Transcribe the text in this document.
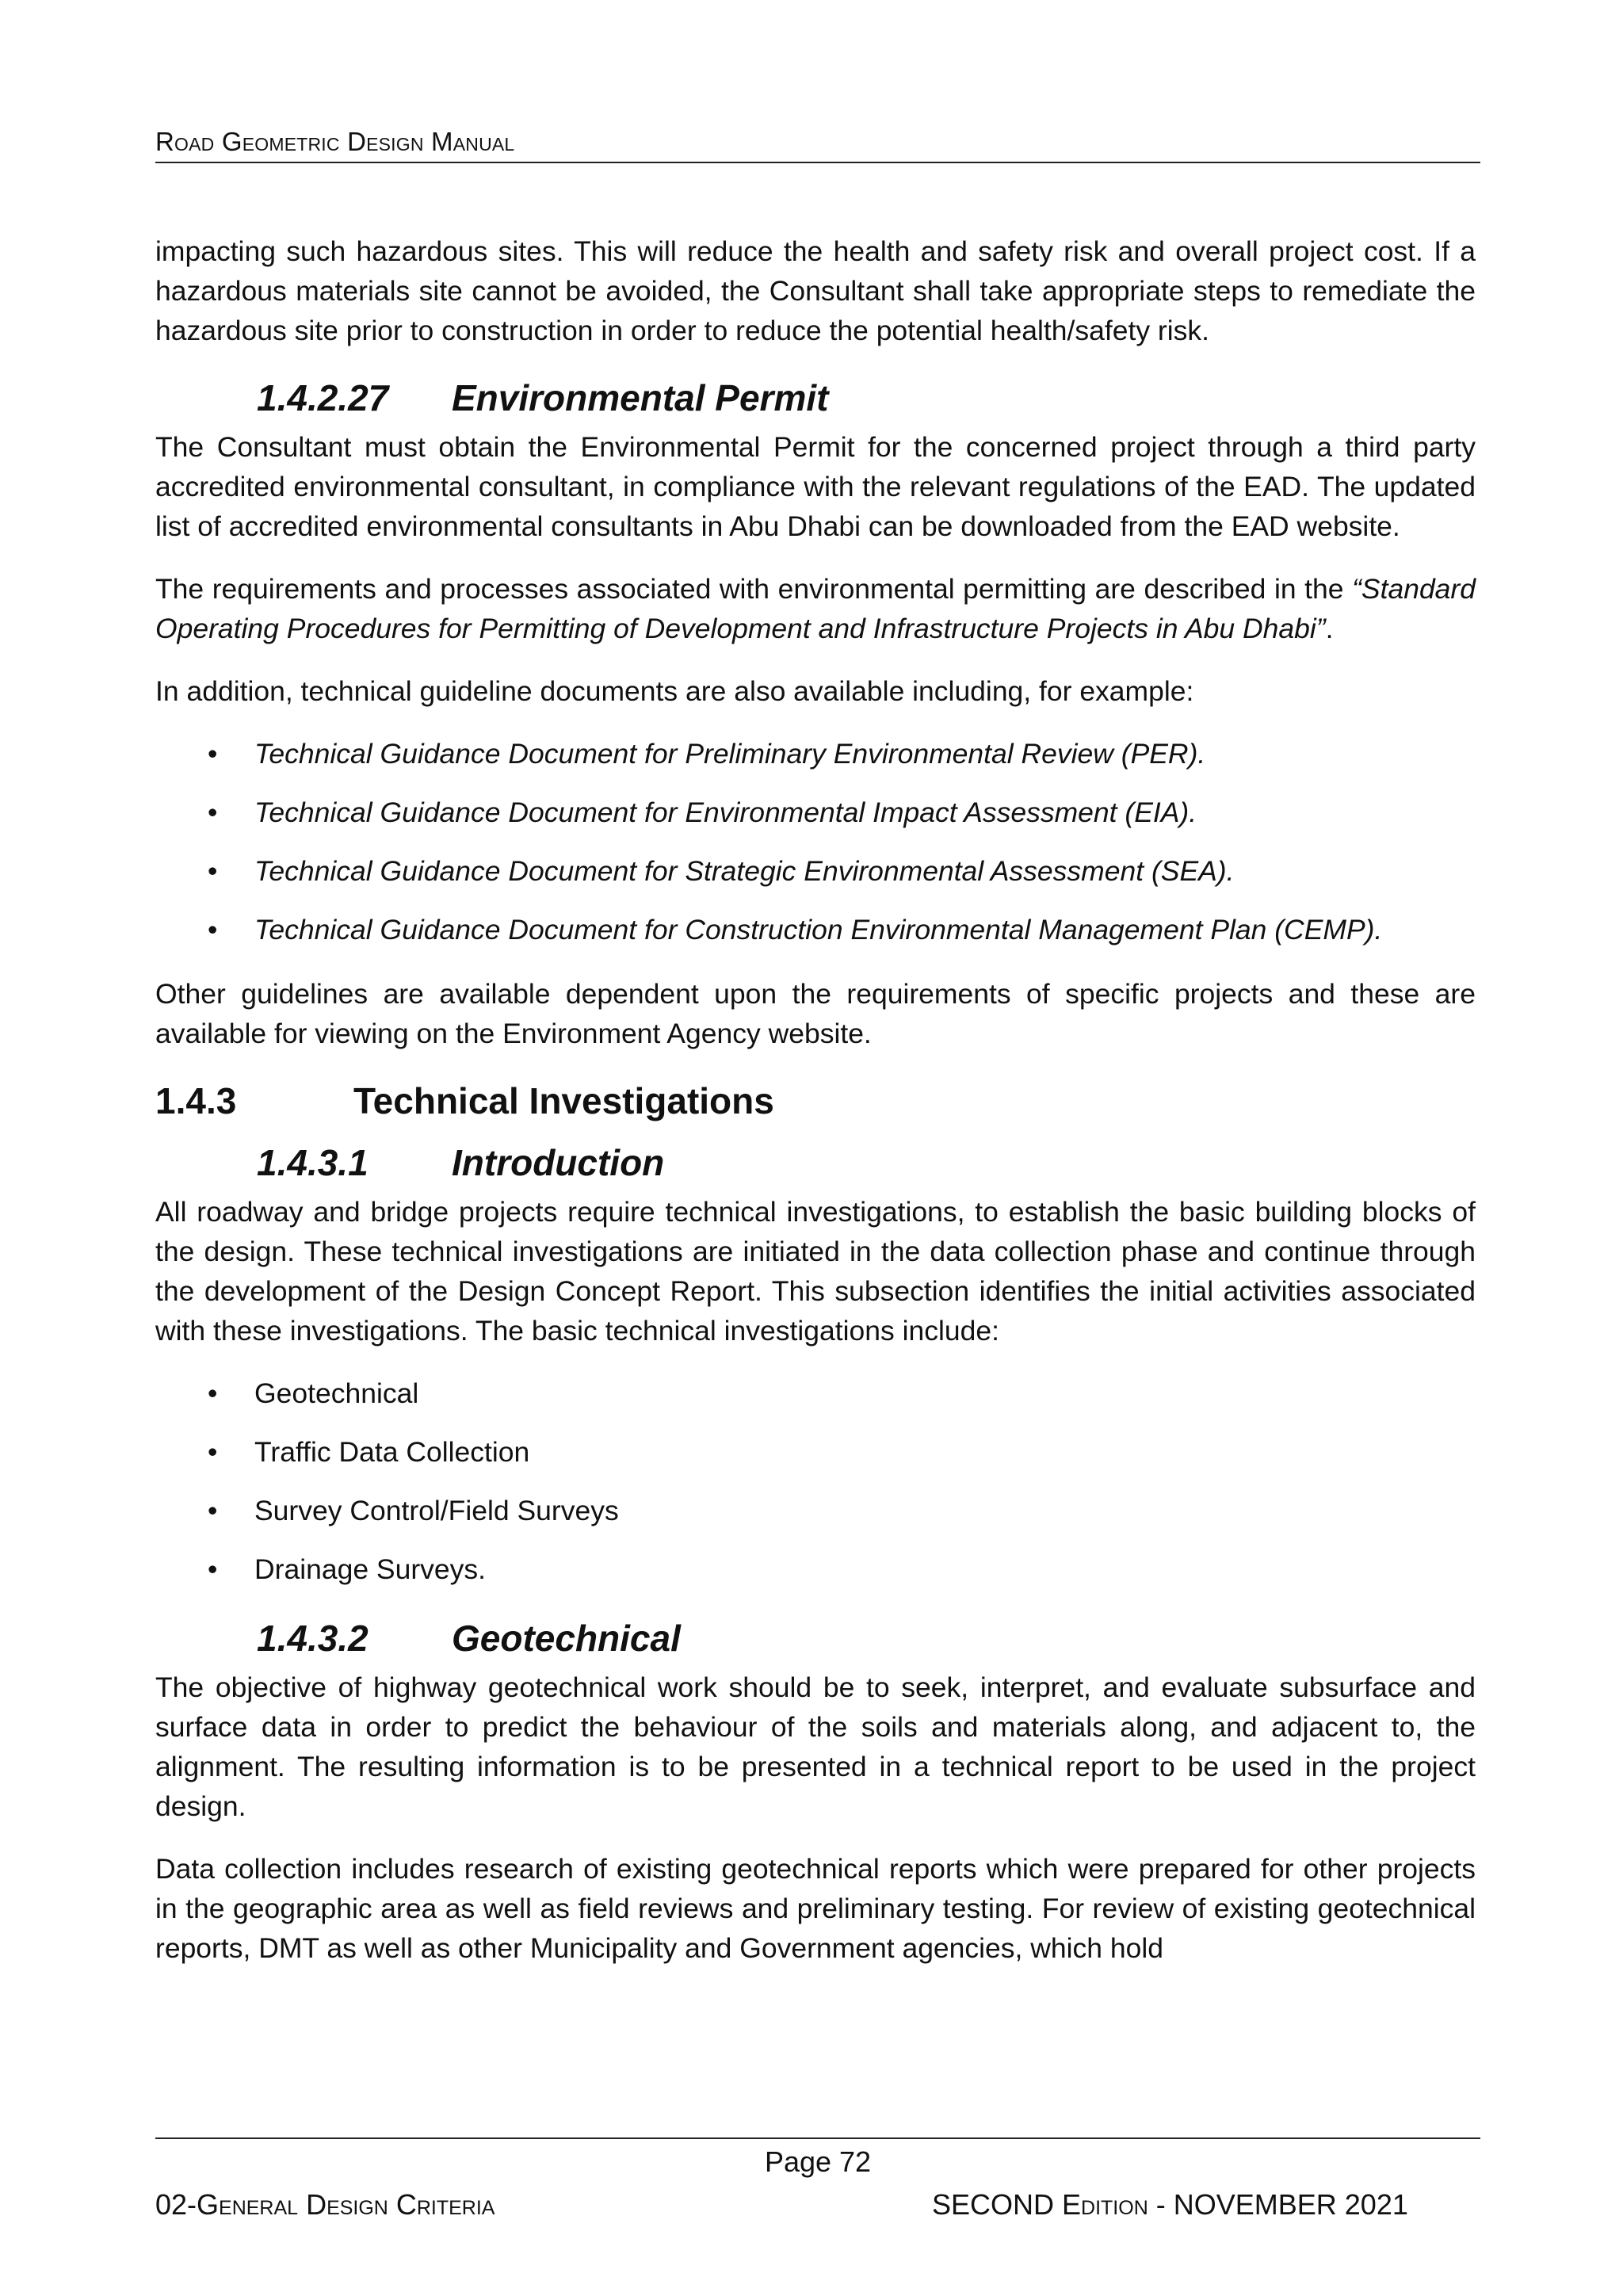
Road Geometric Design Manual

impacting such hazardous sites. This will reduce the health and safety risk and overall project cost. If a hazardous materials site cannot be avoided, the Consultant shall take appropriate steps to remediate the hazardous site prior to construction in order to reduce the potential health/safety risk.

1.4.2.27	Environmental Permit

The Consultant must obtain the Environmental Permit for the concerned project through a third party accredited environmental consultant, in compliance with the relevant regulations of the EAD. The updated list of accredited environmental consultants in Abu Dhabi can be downloaded from the EAD website.

The requirements and processes associated with environmental permitting are described in the “Standard Operating Procedures for Permitting of Development and Infrastructure Projects in Abu Dhabi”.

In addition, technical guideline documents are also available including, for example:

• Technical Guidance Document for Preliminary Environmental Review (PER).
• Technical Guidance Document for Environmental Impact Assessment (EIA).
• Technical Guidance Document for Strategic Environmental Assessment (SEA).
• Technical Guidance Document for Construction Environmental Management Plan (CEMP).

Other guidelines are available dependent upon the requirements of specific projects and these are available for viewing on the Environment Agency website.

1.4.3	Technical Investigations
1.4.3.1	Introduction

All roadway and bridge projects require technical investigations, to establish the basic building blocks of the design. These technical investigations are initiated in the data collection phase and continue through the development of the Design Concept Report. This subsection identifies the initial activities associated with these investigations. The basic technical investigations include:

• Geotechnical
• Traffic Data Collection
• Survey Control/Field Surveys
• Drainage Surveys.
1.4.3.2	Geotechnical

The objective of highway geotechnical work should be to seek, interpret, and evaluate subsurface and surface data in order to predict the behaviour of the soils and materials along, and adjacent to, the alignment. The resulting information is to be presented in a technical report to be used in the project design.

Data collection includes research of existing geotechnical reports which were prepared for other projects in the geographic area as well as field reviews and preliminary testing. For review of existing geotechnical reports, DMT as well as other Municipality and Government agencies, which hold

Page 72
02-General Design Criteria	SECOND Edition - NOVEMBER 2021
